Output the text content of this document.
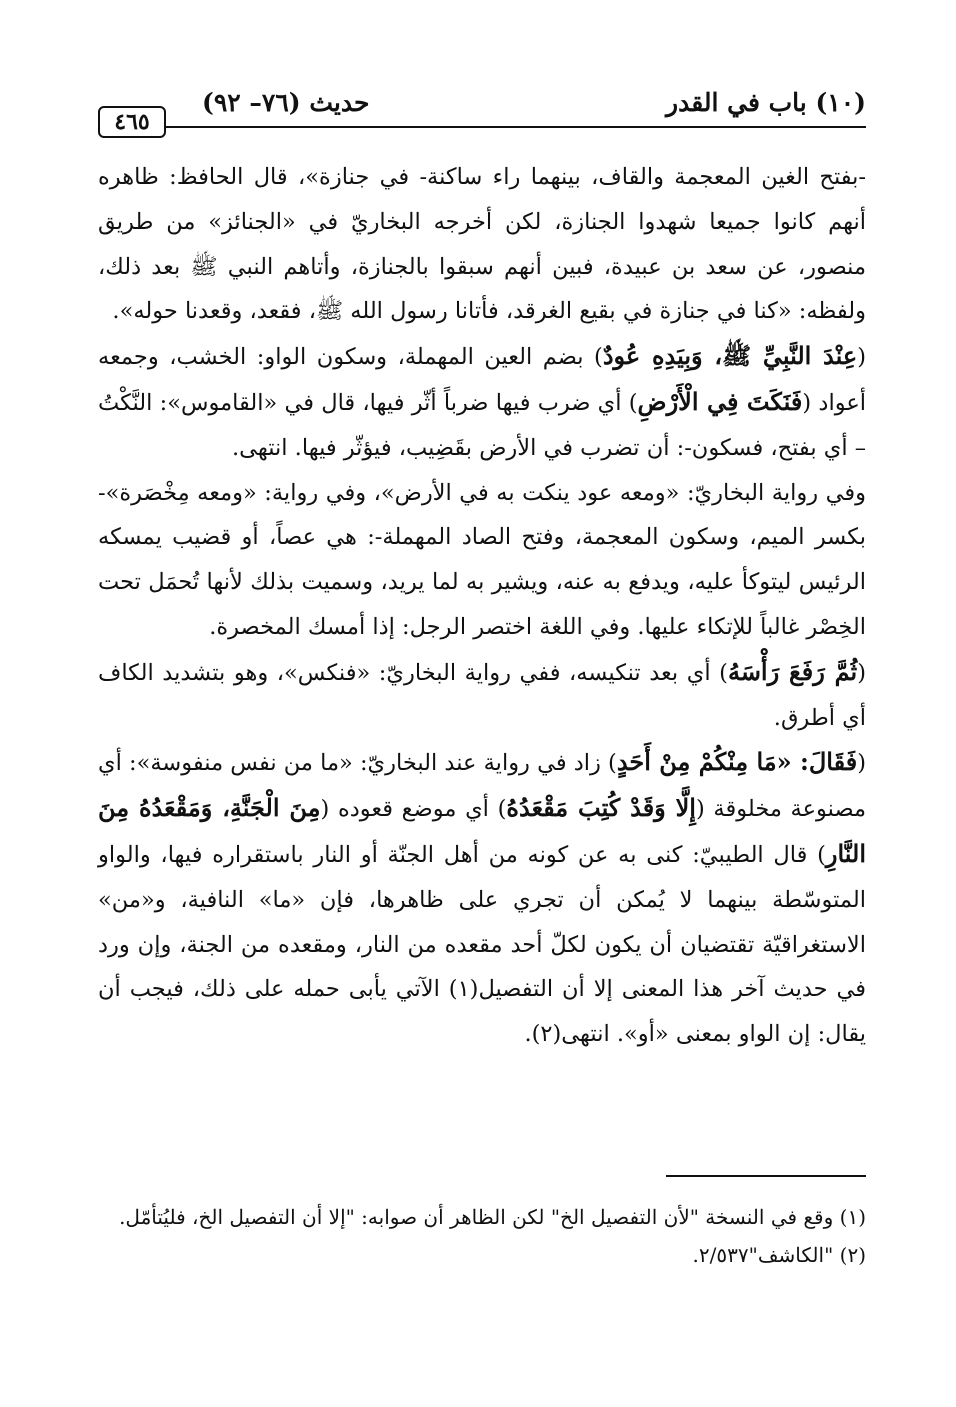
(١٠) باب في القدر
حديث (٧٦– ٩٢)
٤٦٥

-بفتح الغين المعجمة والقاف، بينهما راء ساكنة- في جنازة»، قال الحافظ: ظاهره أنهم كانوا جميعا شهدوا الجنازة، لكن أخرجه البخاريّ في «الجنائز» من طريق منصور، عن سعد بن عبيدة، فبين أنهم سبقوا بالجنازة، وأتاهم النبي ﷺ بعد ذلك، ولفظه: «كنا في جنازة في بقيع الغرقد، فأتانا رسول الله ﷺ، فقعد، وقعدنا حوله».

(عِنْدَ النَّبِيِّ ﷺ، وَبِيَدِهِ عُودٌ) بضم العين المهملة، وسكون الواو: الخشب، وجمعه أعواد (فَنَكَتَ فِي الْأَرْضِ) أي ضرب فيها ضرباً أثّر فيها، قال في «القاموس»: النَّكْتُ – أي بفتح، فسكون-: أن تضرب في الأرض بقَضِيب، فيؤثّر فيها. انتهى.

وفي رواية البخاريّ: «ومعه عود ينكت به في الأرض»، وفي رواية: «ومعه مِخْصَرة»- بكسر الميم، وسكون المعجمة، وفتح الصاد المهملة-: هي عصاً، أو قضيب يمسكه الرئيس ليتوكأ عليه، ويدفع به عنه، ويشير به لما يريد، وسميت بذلك لأنها تُحمَل تحت الخِصْر غالباً للإتكاء عليها. وفي اللغة اختصر الرجل: إذا أمسك المخصرة.

(ثُمَّ رَفَعَ رَأْسَهُ) أي بعد تنكيسه، ففي رواية البخاريّ: «فنكس»، وهو بتشديد الكاف أي أطرق.

(فَقَالَ: «مَا مِنْكُمْ مِنْ أَحَدٍ) زاد في رواية عند البخاريّ: «ما من نفس منفوسة»: أي مصنوعة مخلوقة (إِلَّا وَقَدْ كُتِبَ مَقْعَدُهُ) أي موضع قعوده (مِنَ الْجَنَّةِ، وَمَقْعَدُهُ مِنَ النَّارِ) قال الطيبيّ: كنى به عن كونه من أهل الجنّة أو النار باستقراره فيها، والواو المتوسّطة بينهما لا يُمكن أن تجري على ظاهرها، فإن «ما» النافية، و«من» الاستغراقيّة تقتضيان أن يكون لكلّ أحد مقعده من النار، ومقعده من الجنة، وإن ورد في حديث آخر هذا المعنى إلا أن التفصيل(١) الآتي يأبى حمله على ذلك، فيجب أن يقال: إن الواو بمعنى «أو». انتهى(٢).

(١) وقع في النسخة "لأن التفصيل الخ" لكن الظاهر أن صوابه: "إلا أن التفصيل الخ، فليُتأمّل.

(٢) "الكاشف"٢/٥٣٧.
